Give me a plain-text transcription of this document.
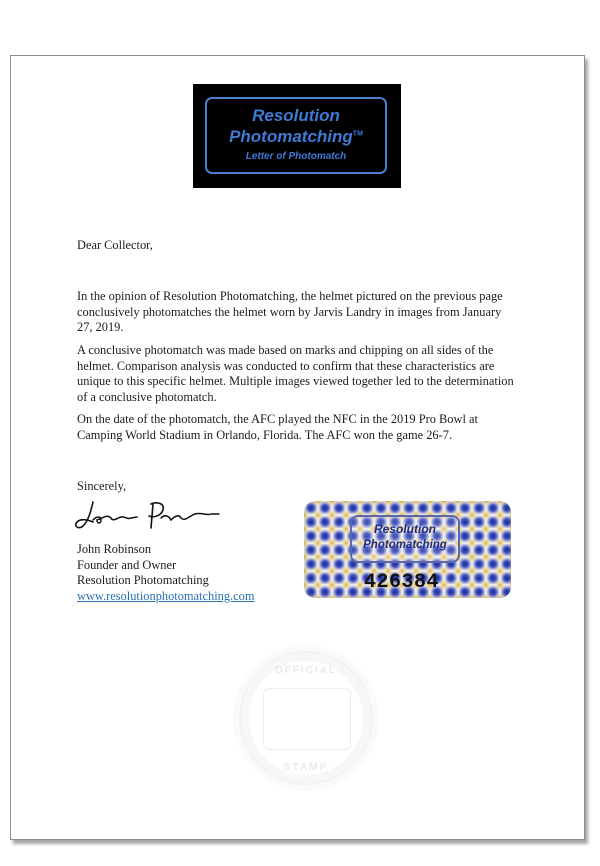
Resolution
Photomatching™
Letter of Photomatch
Dear Collector,
In the opinion of Resolution Photomatching, the helmet pictured on the previous page conclusively photomatches the helmet worn by Jarvis Landry in images from January 27, 2019.
A conclusive photomatch was made based on marks and chipping on all sides of the helmet. Comparison analysis was conducted to confirm that these characteristics are unique to this specific helmet. Multiple images viewed together led to the determination of a conclusive photomatch.
On the date of the photomatch, the AFC played the NFC in the 2019 Pro Bowl at Camping World Stadium in Orlando, Florida. The AFC won the game 26-7.
Sincerely,
John Robinson
Founder and Owner
Resolution Photomatching
www.resolutionphotomatching.com
Resolution
Photomatching
426384
OFFICIAL
STAMP
